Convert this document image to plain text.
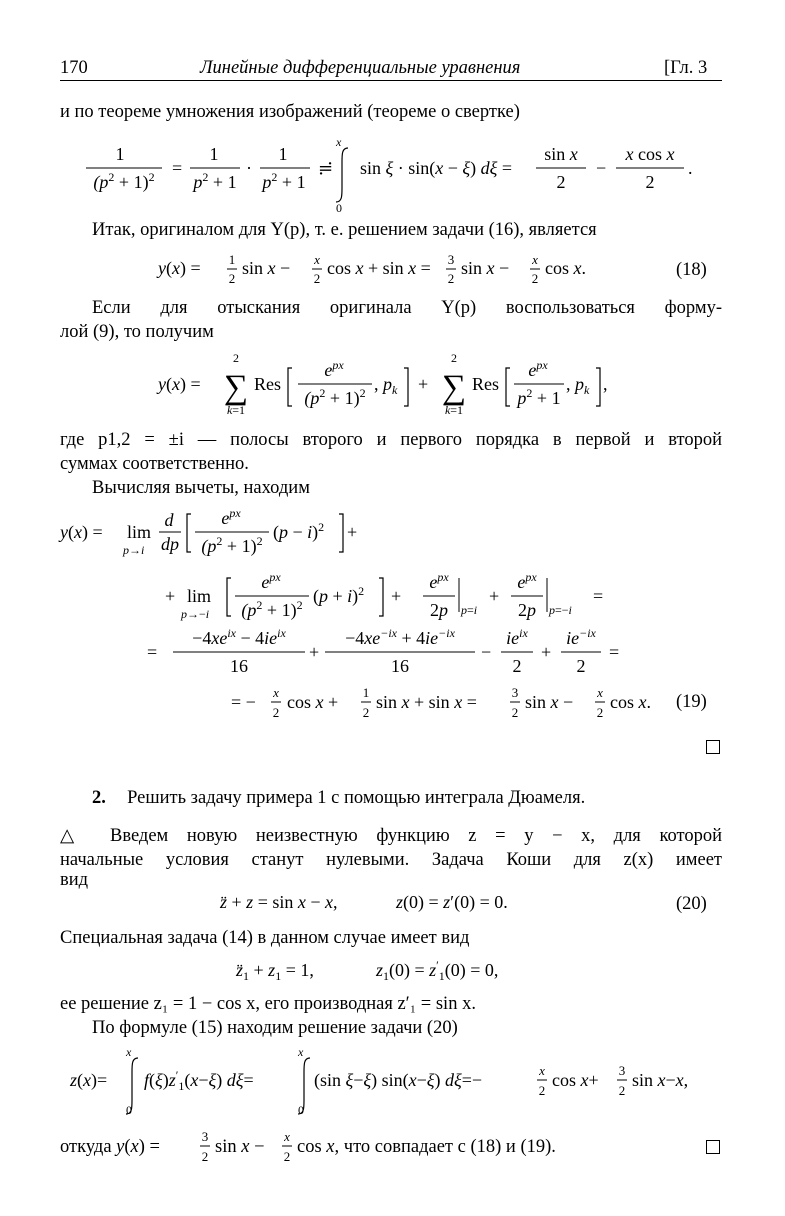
170	Линейные дифференциальные уравнения	[Гл. 3
и по теореме умножения изображений (теореме о свертке)
1
$(p^2 + 1)^2$ =
1
$p^2 + 1$
·
1
$p^2 + 1$
≓
x
0
sin ξ · sin(x − ξ) dξ =
sin x
2
−
x cos x
2
.
Итак, оригиналом для Y(p), т. е. решением задачи (16), является
y(x) = 1
2
sin x − x
2
cos x + sin x = 3
2
sin x − x
2
cos x.	(18)
Если для отыскания оригинала Y(p) воспользоваться форму-
лой (9), то получим
y(x) =
2
∑
k=1
Res
$e^{px}$
$(p^2 + 1)^2$ , $p_k$ +
2
∑
k=1
Res
$e^{px}$
$p^2 + 1$
, $p_k$ ,
где p1,2 = ±i — полосы второго и первого порядка в первой и второй
суммах соответственно.
Вычисляя вычеты, находим
y(x) = lim
p→i
d
dp
$e^{px}$
$(p^2 + 1)^2$ $(p - i)^2$ +
+ lim
p→−i
$e^{px}$
$(p^2 + 1)^2$ $(p + i)^2$ +
$e^{px}$
2p p=i
+
$e^{px}$
2p p=−i
=
=
$-4xe^{ix} - 4ie^{ix}$
16
+
$-4xe^{-ix} + 4ie^{-ix}$
16
−
$ie^{ix}$
2
+
$ie^{-ix}$
2
=
= − x
2
cos x + 1
2
sin x + sin x =	3
2
sin x − x
2
cos x. (19)
2. Решить задачу примера 1 с помощью интеграла Дюамеля.
△ Введем новую неизвестную функцию z = y − x, для которой
начальные условия станут нулевыми. Задача Коши для z(x) имеет
вид
z̈ + z = sin x − x,	z(0) = z′(0) = 0.	(20)
Специальная задача (14) в данном случае имеет вид
$z̈_1 + z_1 = 1$,	$z_1(0) = z'_1(0) = 0$,
ее решение z₁ = 1 − cos x, его производная z′₁ = sin x.
По формуле (15) находим решение задачи (20)
z(x)=
x
0
$f(\xi)z'_1(x-\xi)$ dξ=
x
0
(sin ξ−ξ) sin(x−ξ) dξ=−	x
2
cos x+ 3
2
sin x−x,
откуда y(x) =
3
2 sin x −
x
2 cos x, что совпадает с (18) и (19).
